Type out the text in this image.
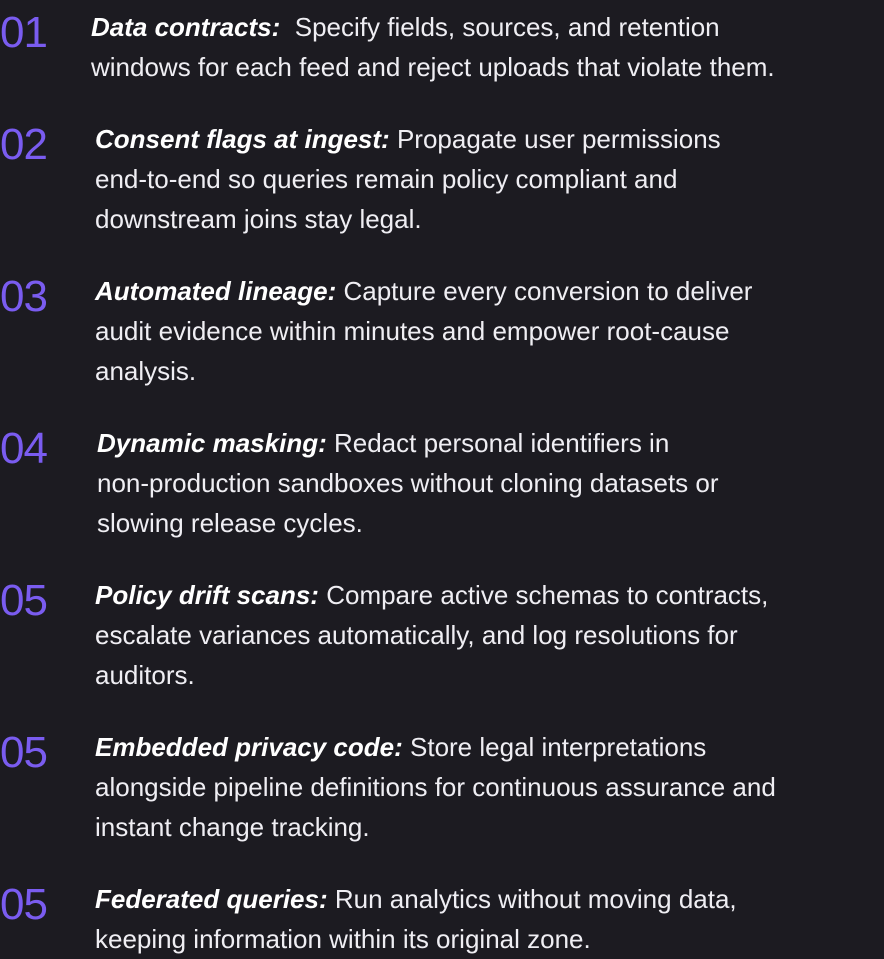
01 Data contracts: Specify fields, sources, and retention
windows for each feed and reject uploads that violate them.

02 Consent flags at ingest: Propagate user permissions
end-to-end so queries remain policy compliant and
downstream joins stay legal.

03 Automated lineage: Capture every conversion to deliver
audit evidence within minutes and empower root-cause
analysis.

04 Dynamic masking: Redact personal identifiers in
non-production sandboxes without cloning datasets or
slowing release cycles.

05 Policy drift scans: Compare active schemas to contracts,
escalate variances automatically, and log resolutions for
auditors.

05 Embedded privacy code: Store legal interpretations
alongside pipeline definitions for continuous assurance and
instant change tracking.

05 Federated queries: Run analytics without moving data,
keeping information within its original zone.
